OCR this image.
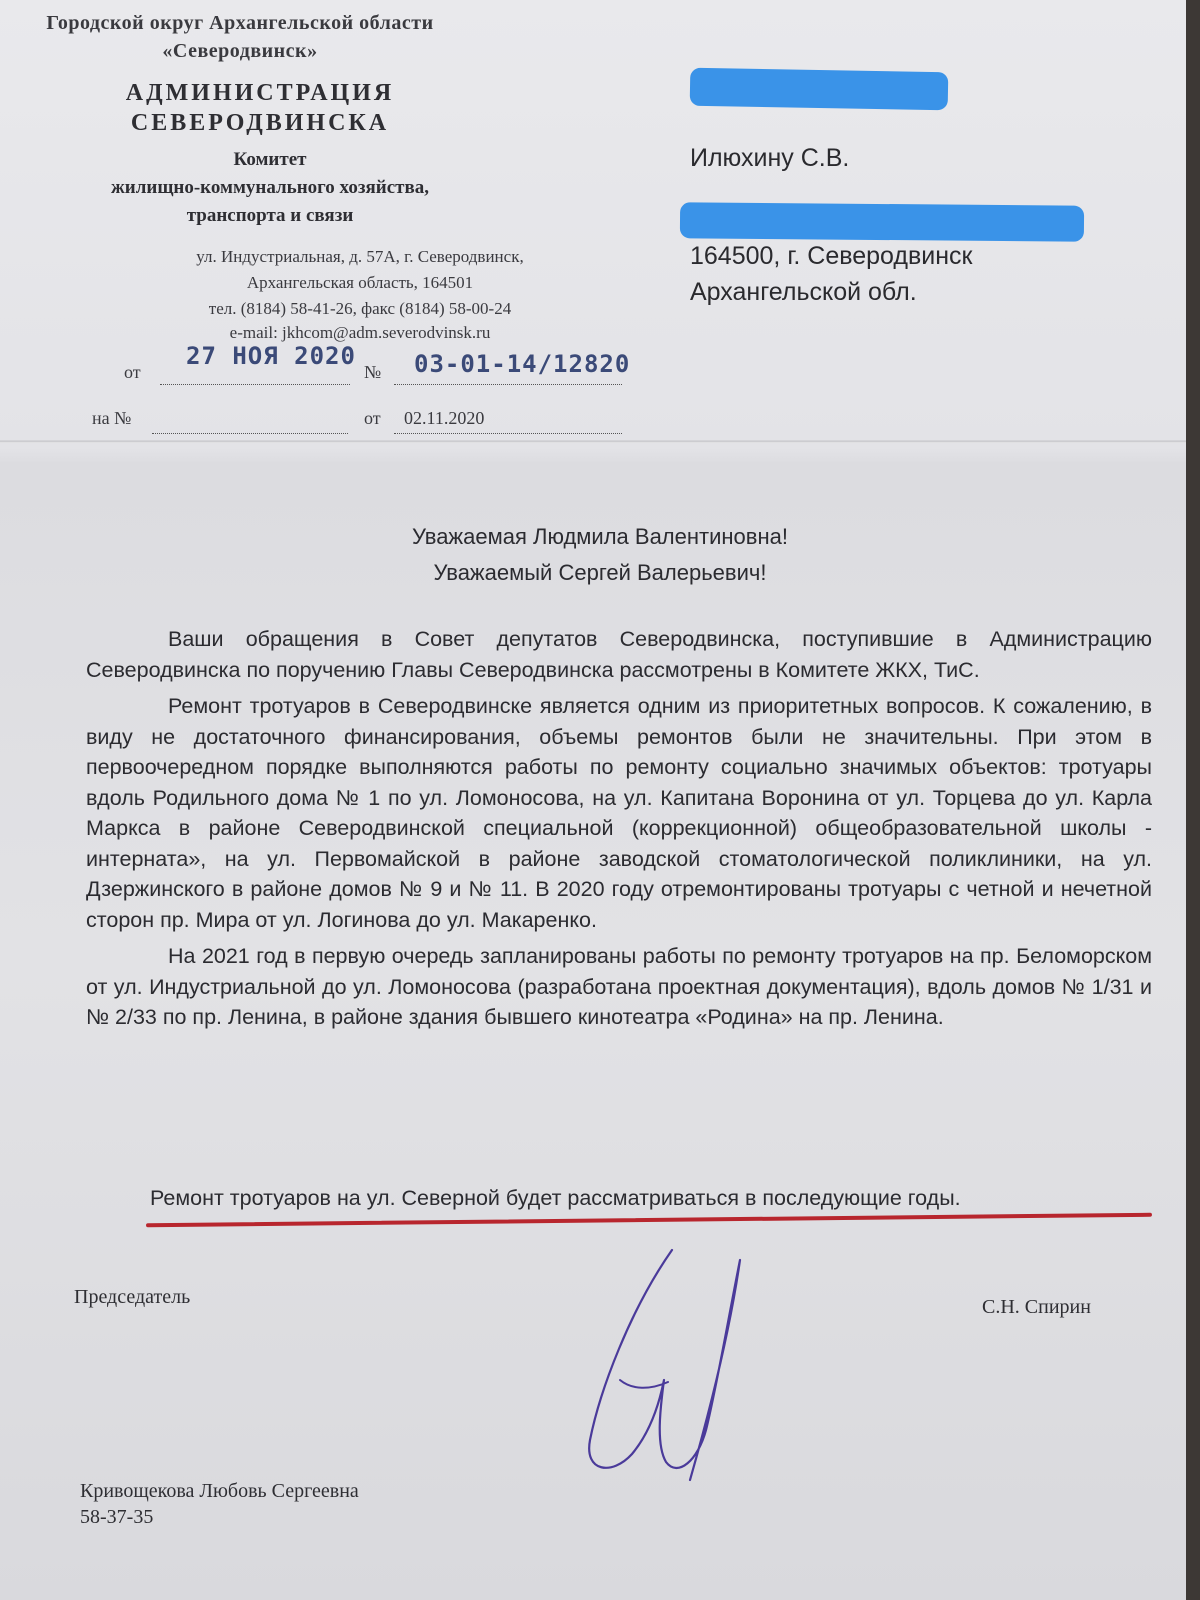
Городской округ Архангельской области
«Северодвинск»
АДМИНИСТРАЦИЯ
СЕВЕРОДВИНСКА
Комитет
жилищно-коммунального хозяйства,
транспорта и связи
ул. Индустриальная, д. 57А, г. Северодвинск,
Архангельская область, 164501
тел. (8184) 58-41-26, факс (8184) 58-00-24
e-mail: jkhcom@adm.severodvinsk.ru
от
27 НОЯ 2020
№ 03-01-14/12820
на №	от 02.11.2020
Илюхину С.В.
164500, г. Северодвинск
Архангельской обл.
Уважаемая Людмила Валентиновна!
Уважаемый Сергей Валерьевич!

Ваши обращения в Совет депутатов Северодвинска, поступившие в Администрацию Северодвинска по поручению Главы Северодвинска рассмотрены в Комитете ЖКХ, ТиС.

Ремонт тротуаров в Северодвинске является одним из приоритетных вопросов. К сожалению, в виду не достаточного финансирования, объемы ремонтов были не значительны. При этом в первоочередном порядке выполняются работы по ремонту социально значимых объектов: тротуары вдоль Родильного дома № 1 по ул. Ломоносова, на ул. Капитана Воронина от ул. Торцева до ул. Карла Маркса в районе Северодвинской специальной (коррекционной) общеобразовательной школы - интерната», на ул. Первомайской в районе заводской стоматологической поликлиники, на ул. Дзержинского в районе домов № 9 и № 11. В 2020 году отремонтированы тротуары с четной и нечетной сторон пр. Мира от ул. Логинова до ул. Макаренко.

На 2021 год в первую очередь запланированы работы по ремонту тротуаров на пр. Беломорском от ул. Индустриальной до ул. Ломоносова (разработана проектная документация), вдоль домов № 1/31 и № 2/33 по пр. Ленина, в районе здания бывшего кинотеатра «Родина» на пр. Ленина.

Ремонт тротуаров на ул. Северной будет рассматриваться в последующие годы.
Председатель	С.Н. Спирин
Кривощекова Любовь Сергеевна
58-37-35
